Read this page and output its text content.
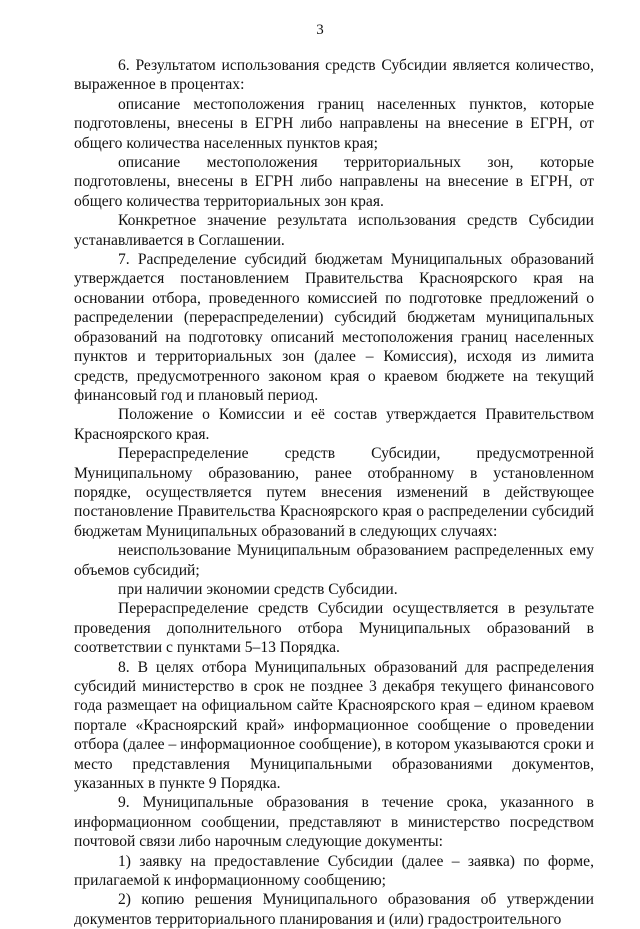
3

6. Результатом использования средств Субсидии является количество, выраженное в процентах:

описание местоположения границ населенных пунктов, которые подготовлены, внесены в ЕГРН либо направлены на внесение в ЕГРН, от общего количества населенных пунктов края;

описание местоположения территориальных зон, которые подготовлены, внесены в ЕГРН либо направлены на внесение в ЕГРН, от общего количества территориальных зон края.

Конкретное значение результата использования средств Субсидии устанавливается в Соглашении.

7. Распределение субсидий бюджетам Муниципальных образований утверждается постановлением Правительства Красноярского края на основании отбора, проведенного комиссией по подготовке предложений о распределении (перераспределении) субсидий бюджетам муниципальных образований на подготовку описаний местоположения границ населенных пунктов и территориальных зон (далее – Комиссия), исходя из лимита средств, предусмотренного законом края о краевом бюджете на текущий финансовый год и плановый период.

Положение о Комиссии и её состав утверждается Правительством Красноярского края.

Перераспределение средств Субсидии, предусмотренной Муниципальному образованию, ранее отобранному в установленном порядке, осуществляется путем внесения изменений в действующее постановление Правительства Красноярского края о распределении субсидий бюджетам Муниципальных образований в следующих случаях:

неиспользование Муниципальным образованием распределенных ему объемов субсидий;

при наличии экономии средств Субсидии.

Перераспределение средств Субсидии осуществляется в результате проведения дополнительного отбора Муниципальных образований в соответствии с пунктами 5–13 Порядка.

8. В целях отбора Муниципальных образований для распределения субсидий министерство в срок не позднее 3 декабря текущего финансового года размещает на официальном сайте Красноярского края – едином краевом портале «Красноярский край» информационное сообщение о проведении отбора (далее – информационное сообщение), в котором указываются сроки и место представления Муниципальными образованиями документов, указанных в пункте 9 Порядка.

9. Муниципальные образования в течение срока, указанного в информационном сообщении, представляют в министерство посредством почтовой связи либо нарочным следующие документы:

1) заявку на предоставление Субсидии (далее – заявка) по форме, прилагаемой к информационному сообщению;

2) копию решения Муниципального образования об утверждении документов территориального планирования и (или) градостроительного
